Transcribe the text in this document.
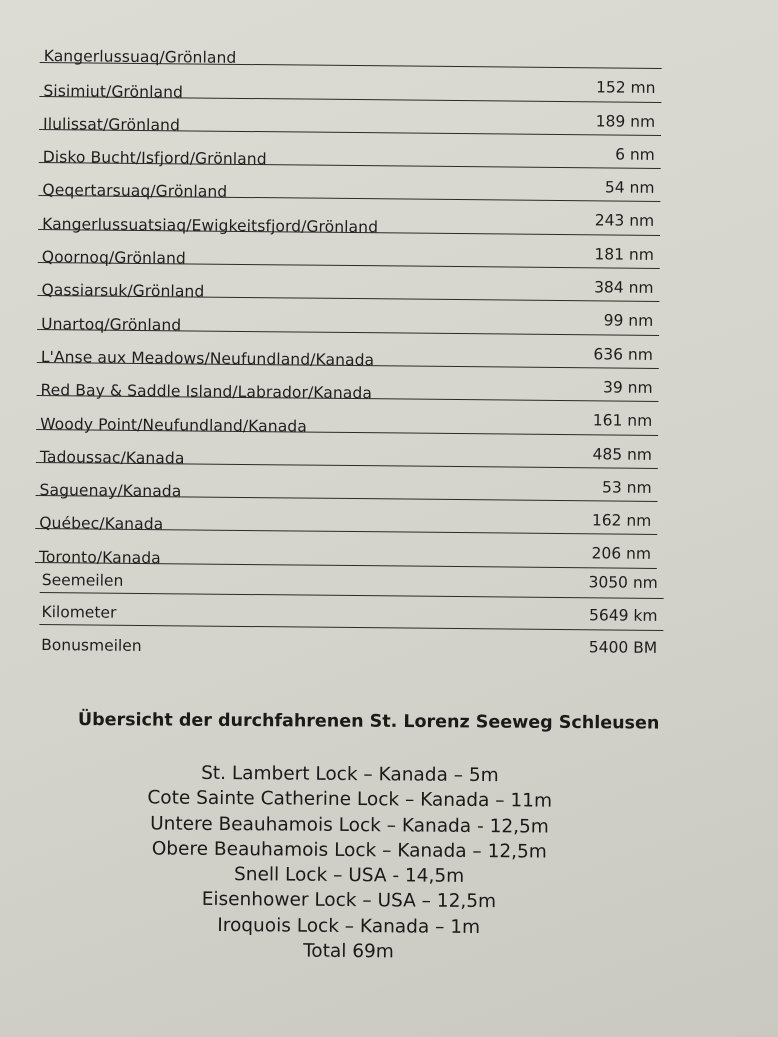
Kangerlussuaq/Grönland
Sisimiut/Grönland	152 mn
Ilulissat/Grönland	189 nm
Disko Bucht/Isfjord/Grönland	6 nm
Qeqertarsuaq/Grönland	54 nm
Kangerlussuatsiaq/Ewigkeitsfjord/Grönland	243 nm
Qoornoq/Grönland	181 nm
Qassiarsuk/Grönland	384 nm
Unartoq/Grönland	99 nm
L'Anse aux Meadows/Neufundland/Kanada	636 nm
Red Bay & Saddle Island/Labrador/Kanada	39 nm
Woody Point/Neufundland/Kanada	161 nm
Tadoussac/Kanada	485 nm
Saguenay/Kanada	53 nm
Québec/Kanada	162 nm
Toronto/Kanada	206 nm
Seemeilen	3050 nm
Kilometer	5649 km
Bonusmeilen	5400 BM
Übersicht der durchfahrenen St. Lorenz Seeweg Schleusen
St. Lambert Lock – Kanada – 5m
Cote Sainte Catherine Lock – Kanada – 11m
Untere Beauhamois Lock – Kanada - 12,5m
Obere Beauhamois Lock – Kanada – 12,5m
Snell Lock – USA - 14,5m
Eisenhower Lock – USA – 12,5m
Iroquois Lock – Kanada – 1m
Total 69m
